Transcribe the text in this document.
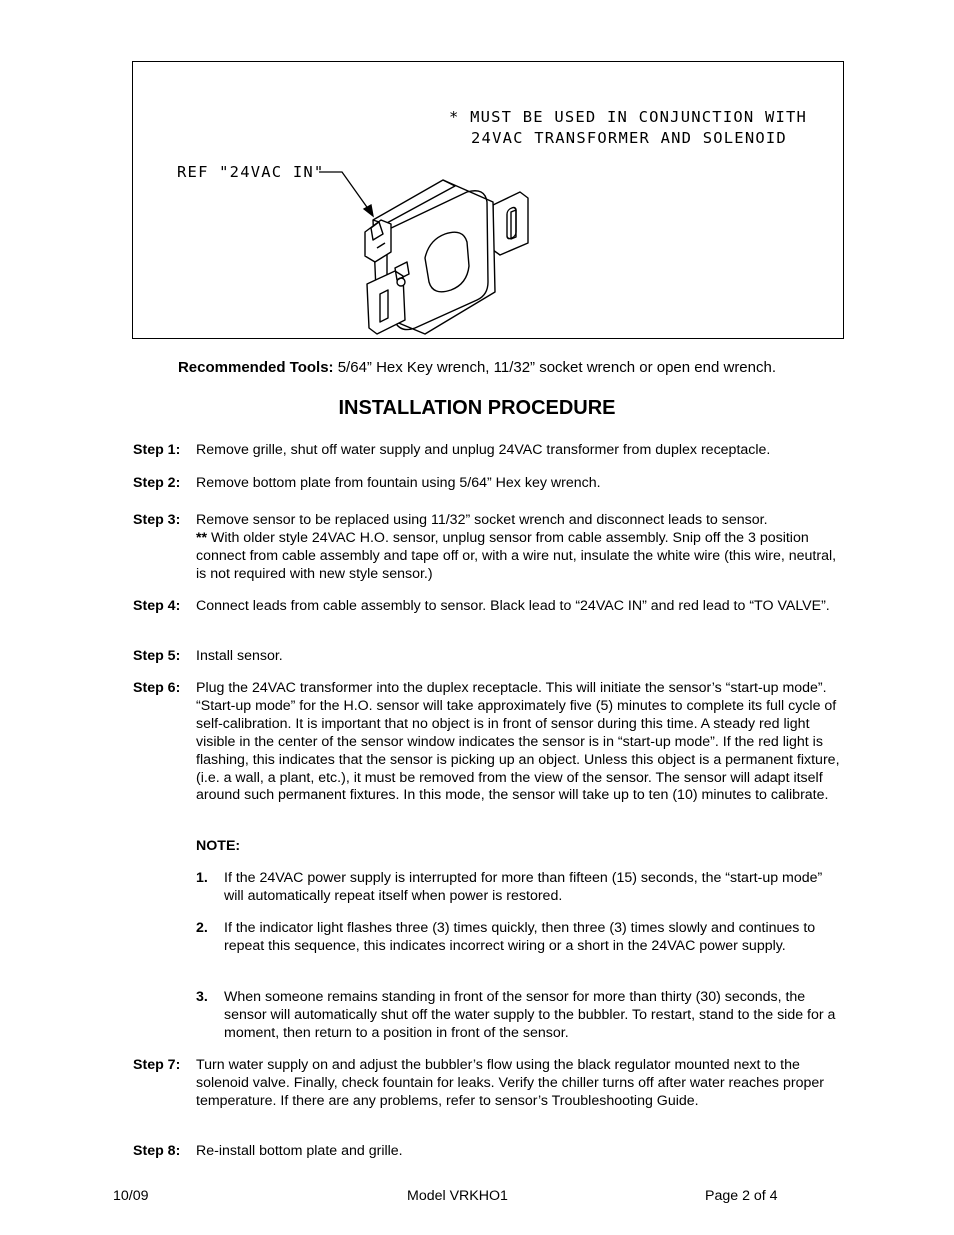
* MUST BE USED IN CONJUNCTION WITH
24VAC TRANSFORMER AND SOLENOID
REF "24VAC IN"
Recommended Tools: 5/64” Hex Key wrench, 11/32” socket wrench or open end wrench.
INSTALLATION PROCEDURE
Step 1: Remove grille, shut off water supply and unplug 24VAC transformer from duplex receptacle.
Step 2: Remove bottom plate from fountain using 5/64” Hex key wrench.
Step 3: Remove sensor to be replaced using 11/32” socket wrench and disconnect leads to sensor.
** With older style 24VAC H.O. sensor, unplug sensor from cable assembly. Snip off the 3 position connect from cable assembly and tape off or, with a wire nut, insulate the white wire (this wire, neutral, is not required with new style sensor.)
Step 4: Connect leads from cable assembly to sensor. Black lead to “24VAC IN” and red lead to “TO VALVE”.
Step 5: Install sensor.
Step 6: Plug the 24VAC transformer into the duplex receptacle. This will initiate the sensor’s “start-up mode”. “Start-up mode” for the H.O. sensor will take approximately five (5) minutes to complete its full cycle of self-calibration. It is important that no object is in front of sensor during this time. A steady red light visible in the center of the sensor window indicates the sensor is in “start-up mode”. If the red light is flashing, this indicates that the sensor is picking up an object. Unless this object is a permanent fixture, (i.e. a wall, a plant, etc.), it must be removed from the view of the sensor. The sensor will adapt itself around such permanent fixtures. In this mode, the sensor will take up to ten (10) minutes to calibrate.
NOTE:
1. If the 24VAC power supply is interrupted for more than fifteen (15) seconds, the “start-up mode” will automatically repeat itself when power is restored.
2. If the indicator light flashes three (3) times quickly, then three (3) times slowly and continues to repeat this sequence, this indicates incorrect wiring or a short in the 24VAC power supply.
3. When someone remains standing in front of the sensor for more than thirty (30) seconds, the sensor will automatically shut off the water supply to the bubbler. To restart, stand to the side for a moment, then return to a position in front of the sensor.
Step 7: Turn water supply on and adjust the bubbler’s flow using the black regulator mounted next to the solenoid valve. Finally, check fountain for leaks. Verify the chiller turns off after water reaches proper temperature. If there are any problems, refer to sensor’s Troubleshooting Guide.
Step 8: Re-install bottom plate and grille.
10/09	Model VRKHO1	Page 2 of 4
